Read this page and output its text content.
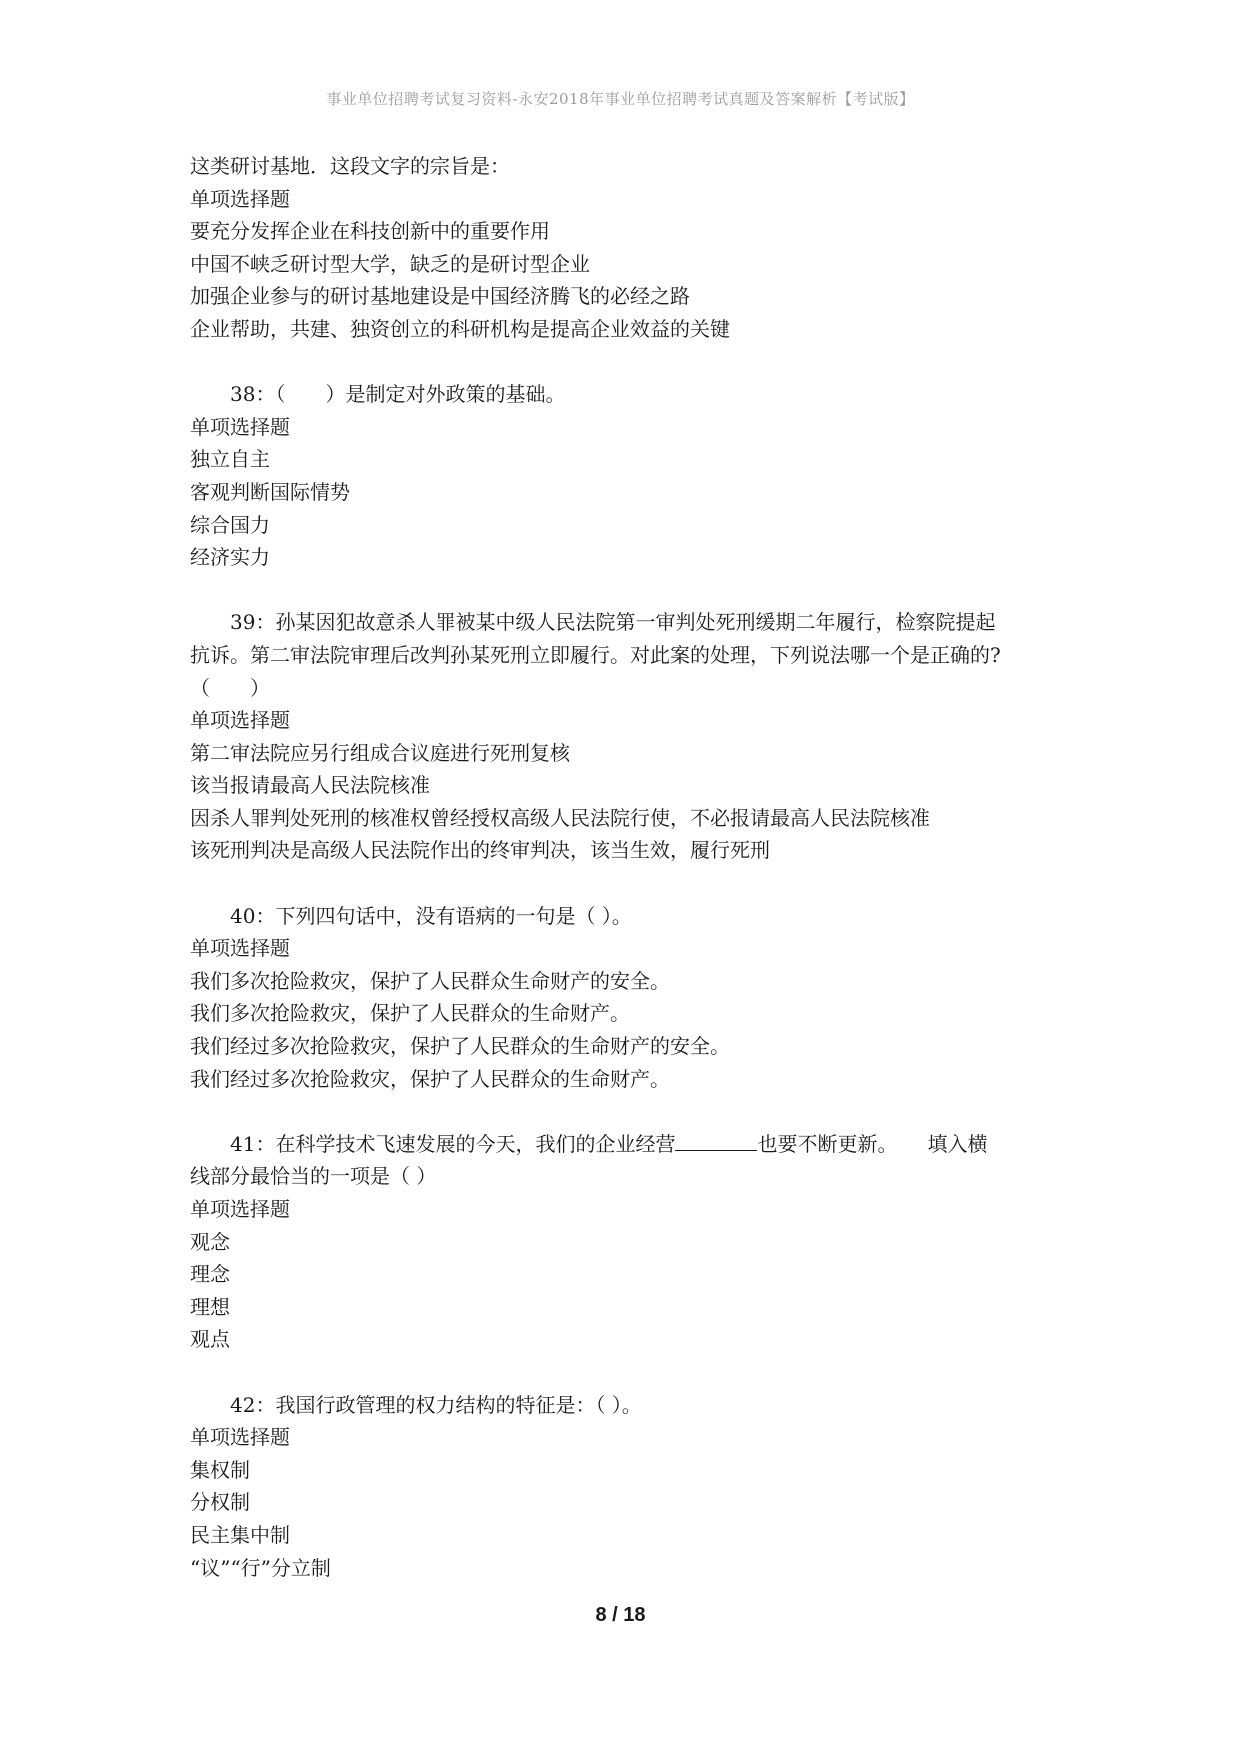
事业单位招聘考试复习资料-永安2018年事业单位招聘考试真题及答案解析【考试版】
这类研讨基地．这段文字的宗旨是：
单项选择题
要充分发挥企业在科技创新中的重要作用
中国不峡乏研讨型大学，缺乏的是研讨型企业
加强企业参与的研讨基地建设是中国经济腾飞的必经之路
企业帮助，共建、独资创立的科研机构是提高企业效益的关键
38：（　　）是制定对外政策的基础。
单项选择题
独立自主
客观判断国际情势
综合国力
经济实力
39：孙某因犯故意杀人罪被某中级人民法院第一审判处死刑缓期二年履行，检察院提起
抗诉。第二审法院审理后改判孙某死刑立即履行。对此案的处理，下列说法哪一个是正确的?
（　　）
单项选择题
第二审法院应另行组成合议庭进行死刑复核
该当报请最高人民法院核准
因杀人罪判处死刑的核准权曾经授权高级人民法院行使，不必报请最高人民法院核准
该死刑判决是高级人民法院作出的终审判决，该当生效，履行死刑
40：下列四句话中，没有语病的一句是（ ）。
单项选择题
我们多次抢险救灾，保护了人民群众生命财产的安全。
我们多次抢险救灾，保护了人民群众的生命财产。
我们经过多次抢险救灾，保护了人民群众的生命财产的安全。
我们经过多次抢险救灾，保护了人民群众的生命财产。
41：在科学技术飞速发展的今天，我们的企业经营	也要不断更新。　　填入横
线部分最恰当的一项是（ ）
单项选择题
观念
理念
理想
观点
42：我国行政管理的权力结构的特征是：（ ）。
单项选择题
集权制
分权制
民主集中制
“议”“行”分立制
8 / 18
